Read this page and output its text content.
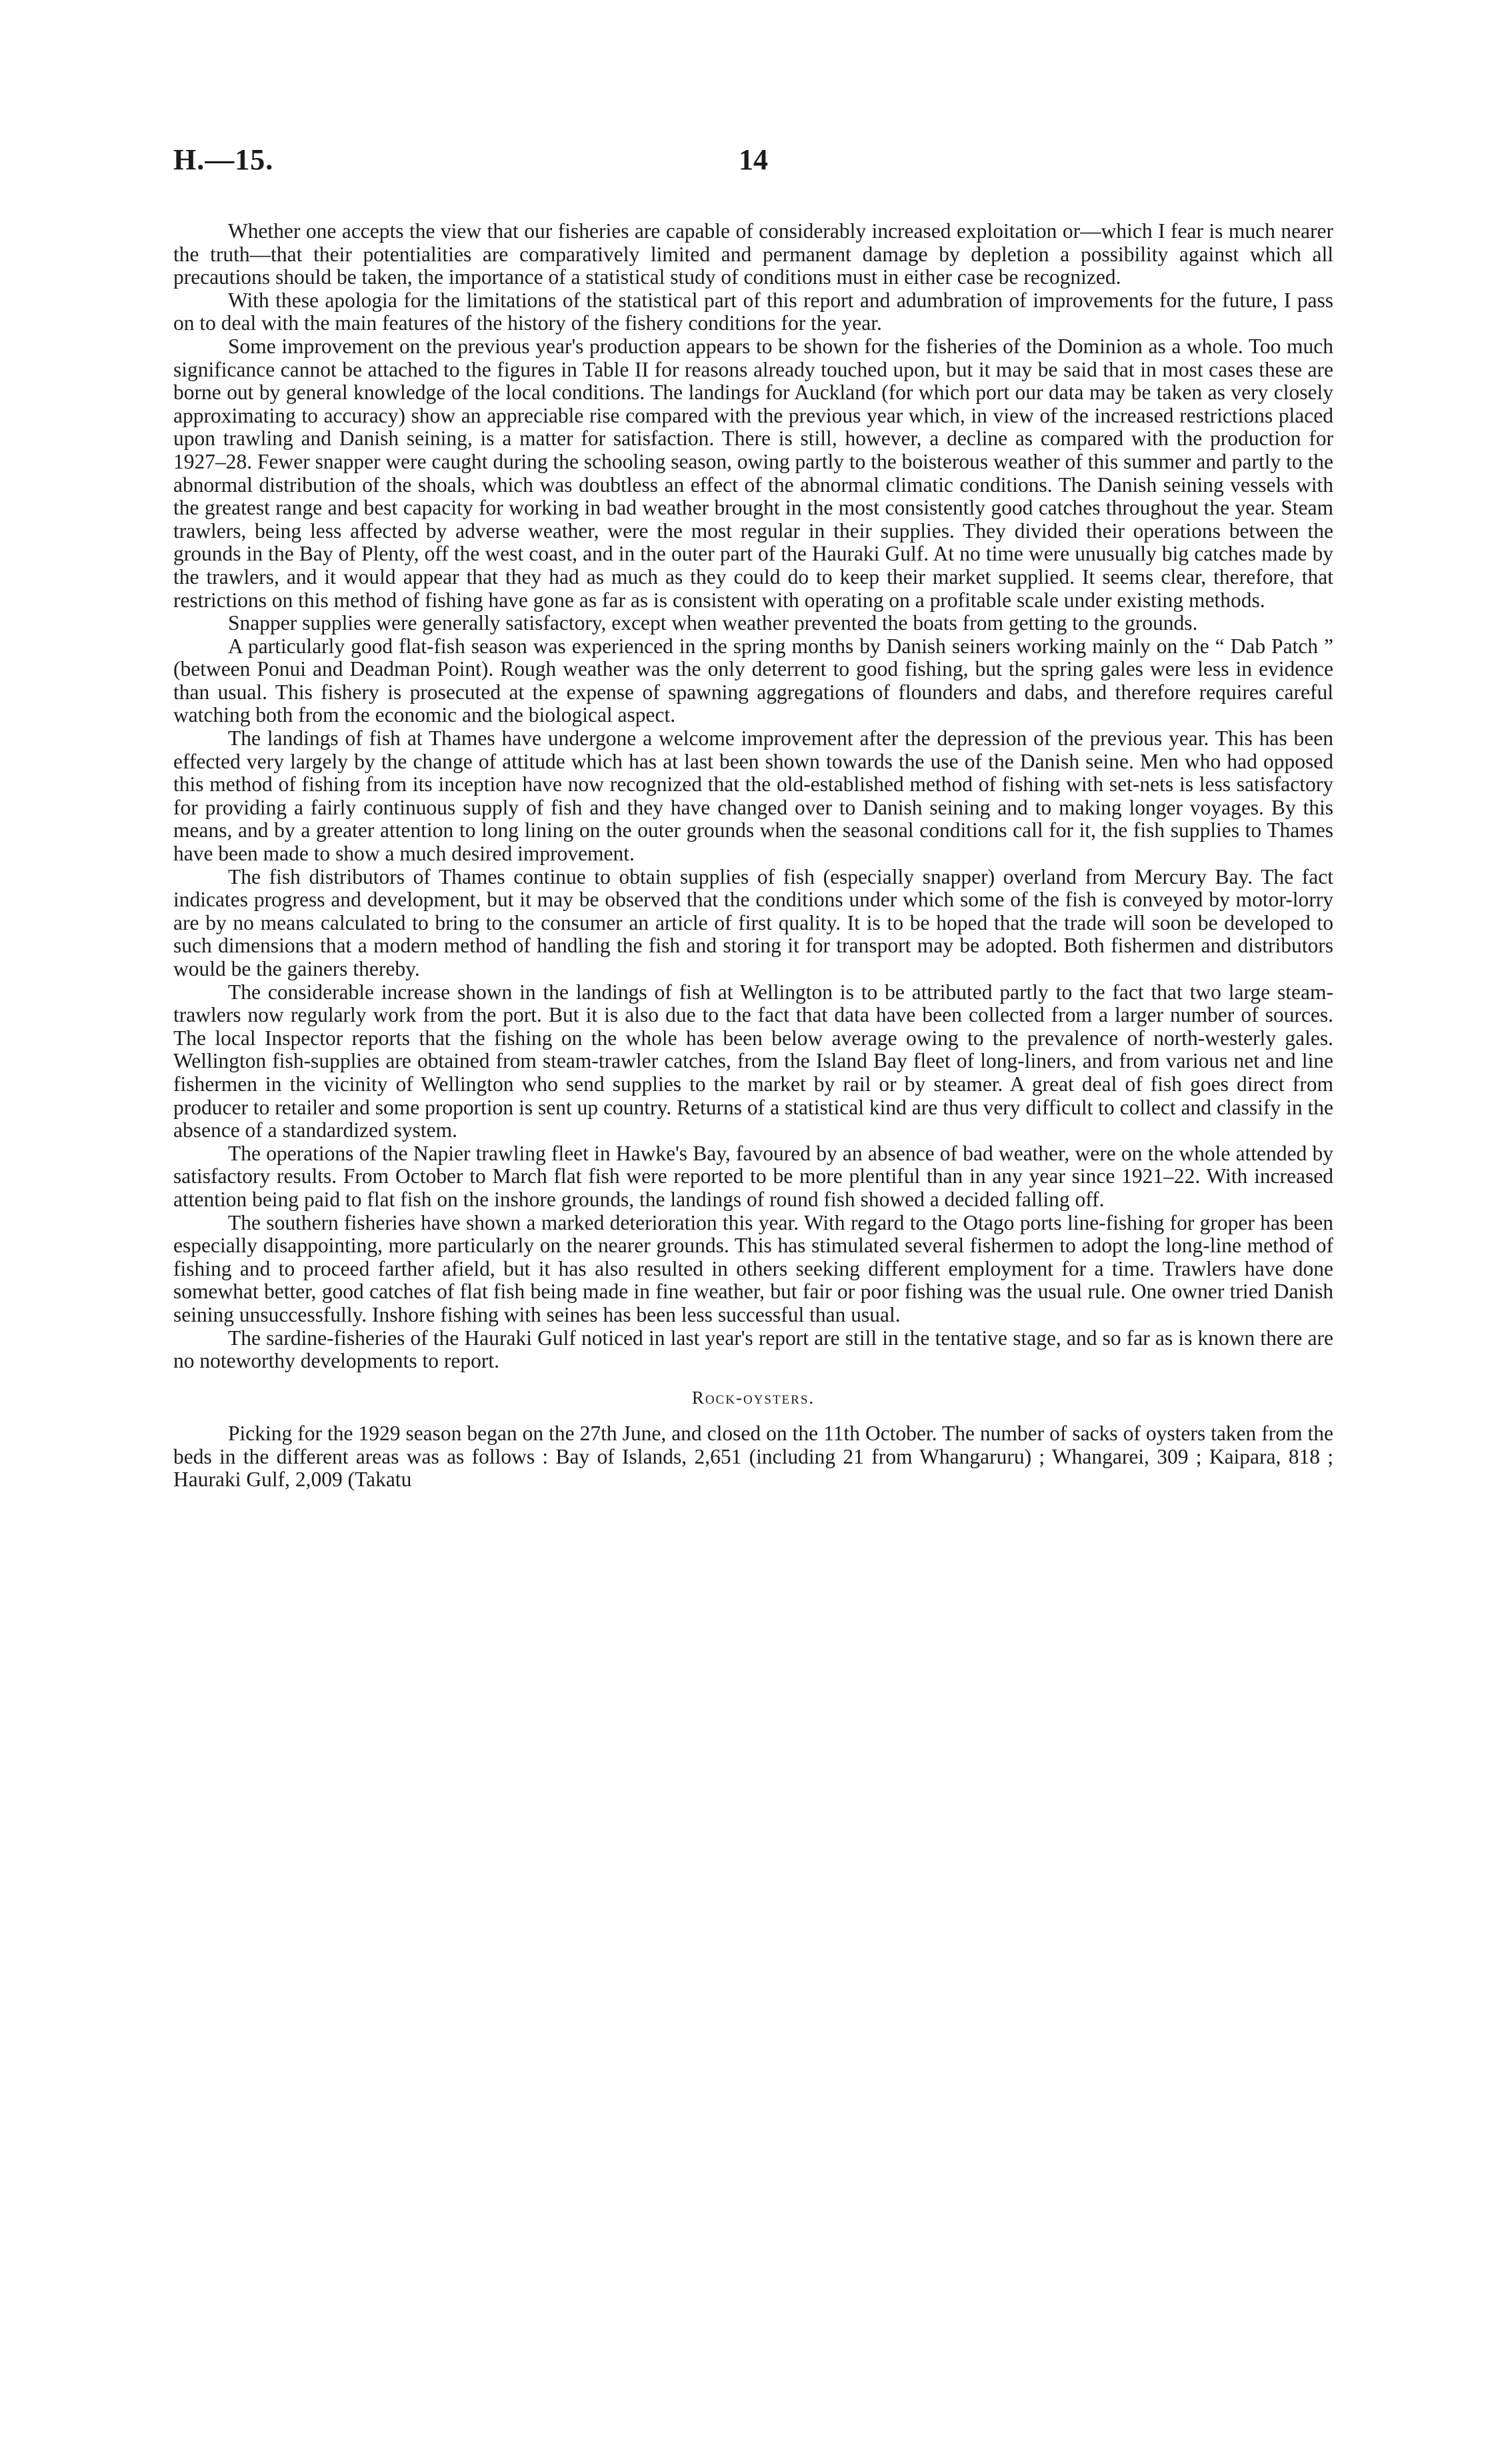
H.—15.	14

Whether one accepts the view that our fisheries are capable of considerably increased exploitation or—which I fear is much nearer the truth—that their potentialities are comparatively limited and permanent damage by depletion a possibility against which all precautions should be taken, the importance of a statistical study of conditions must in either case be recognized.

With these apologia for the limitations of the statistical part of this report and adumbration of improvements for the future, I pass on to deal with the main features of the history of the fishery conditions for the year.

Some improvement on the previous year's production appears to be shown for the fisheries of the Dominion as a whole. Too much significance cannot be attached to the figures in Table II for reasons already touched upon, but it may be said that in most cases these are borne out by general knowledge of the local conditions. The landings for Auckland (for which port our data may be taken as very closely approximating to accuracy) show an appreciable rise compared with the previous year which, in view of the increased restrictions placed upon trawling and Danish seining, is a matter for satisfaction. There is still, however, a decline as compared with the production for 1927–28. Fewer snapper were caught during the schooling season, owing partly to the boisterous weather of this summer and partly to the abnormal distribution of the shoals, which was doubtless an effect of the abnormal climatic conditions. The Danish seining vessels with the greatest range and best capacity for working in bad weather brought in the most consistently good catches throughout the year. Steam trawlers, being less affected by adverse weather, were the most regular in their supplies. They divided their operations between the grounds in the Bay of Plenty, off the west coast, and in the outer part of the Hauraki Gulf. At no time were unusually big catches made by the trawlers, and it would appear that they had as much as they could do to keep their market supplied. It seems clear, therefore, that restrictions on this method of fishing have gone as far as is consistent with operating on a profitable scale under existing methods.

Snapper supplies were generally satisfactory, except when weather prevented the boats from getting to the grounds.

A particularly good flat-fish season was experienced in the spring months by Danish seiners working mainly on the “ Dab Patch ” (between Ponui and Deadman Point). Rough weather was the only deterrent to good fishing, but the spring gales were less in evidence than usual. This fishery is prosecuted at the expense of spawning aggregations of flounders and dabs, and therefore requires careful watching both from the economic and the biological aspect.

The landings of fish at Thames have undergone a welcome improvement after the depression of the previous year. This has been effected very largely by the change of attitude which has at last been shown towards the use of the Danish seine. Men who had opposed this method of fishing from its inception have now recognized that the old-established method of fishing with set-nets is less satisfactory for providing a fairly continuous supply of fish and they have changed over to Danish seining and to making longer voyages. By this means, and by a greater attention to long lining on the outer grounds when the seasonal conditions call for it, the fish supplies to Thames have been made to show a much desired improvement.

The fish distributors of Thames continue to obtain supplies of fish (especially snapper) overland from Mercury Bay. The fact indicates progress and development, but it may be observed that the conditions under which some of the fish is conveyed by motor-lorry are by no means calculated to bring to the consumer an article of first quality. It is to be hoped that the trade will soon be developed to such dimensions that a modern method of handling the fish and storing it for transport may be adopted. Both fishermen and distributors would be the gainers thereby.

The considerable increase shown in the landings of fish at Wellington is to be attributed partly to the fact that two large steam-trawlers now regularly work from the port. But it is also due to the fact that data have been collected from a larger number of sources. The local Inspector reports that the fishing on the whole has been below average owing to the prevalence of north-westerly gales. Wellington fish-supplies are obtained from steam-trawler catches, from the Island Bay fleet of long-liners, and from various net and line fishermen in the vicinity of Wellington who send supplies to the market by rail or by steamer. A great deal of fish goes direct from producer to retailer and some proportion is sent up country. Returns of a statistical kind are thus very difficult to collect and classify in the absence of a standardized system.

The operations of the Napier trawling fleet in Hawke's Bay, favoured by an absence of bad weather, were on the whole attended by satisfactory results. From October to March flat fish were reported to be more plentiful than in any year since 1921–22. With increased attention being paid to flat fish on the inshore grounds, the landings of round fish showed a decided falling off.

The southern fisheries have shown a marked deterioration this year. With regard to the Otago ports line-fishing for groper has been especially disappointing, more particularly on the nearer grounds. This has stimulated several fishermen to adopt the long-line method of fishing and to proceed farther afield, but it has also resulted in others seeking different employment for a time. Trawlers have done somewhat better, good catches of flat fish being made in fine weather, but fair or poor fishing was the usual rule. One owner tried Danish seining unsuccessfully. Inshore fishing with seines has been less successful than usual.

The sardine-fisheries of the Hauraki Gulf noticed in last year's report are still in the tentative stage, and so far as is known there are no noteworthy developments to report.

Rock-oysters.

Picking for the 1929 season began on the 27th June, and closed on the 11th October. The number of sacks of oysters taken from the beds in the different areas was as follows : Bay of Islands, 2,651 (including 21 from Whangaruru) ; Whangarei, 309 ; Kaipara, 818 ; Hauraki Gulf, 2,009 (Takatu
